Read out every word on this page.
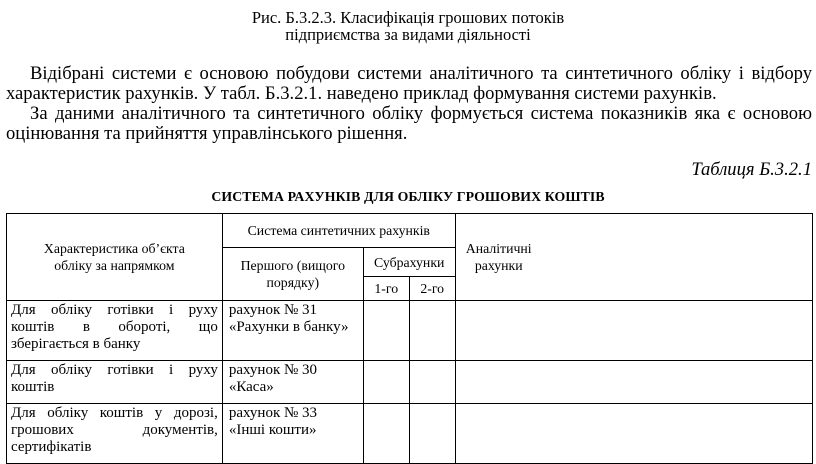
Рис. Б.3.2.3. Класифікація грошових потоків
підприємства за видами діяльності

Відібрані системи є основою побудови системи аналітичного та синтетичного обліку і відбору характеристик рахунків. У табл. Б.3.2.1. наведено приклад формування системи рахунків.

За даними аналітичного та синтетичного обліку формується система показників яка є основою оцінювання та прийняття управлінського рішення.

Таблиця Б.3.2.1
СИСТЕМА РАХУНКІВ ДЛЯ ОБЛІКУ ГРОШОВИХ КОШТІВ
Характеристика об’єкта обліку за напрямком	Система синтетичних рахунків			Аналітичні рахунки

	Першого (вищого порядку)	Субрахунки		
		1-го	2-го	
Для обліку готівки і руху коштів в обороті, що зберігається в банку	рахунок № 31
«Рахунки в банку»			

Для обліку готівки і руху коштів	рахунок № 30
«Каса»			

Для обліку коштів у дорозі, грошових документів, сертифікатів	рахунок № 33
«Інші кошти»			
